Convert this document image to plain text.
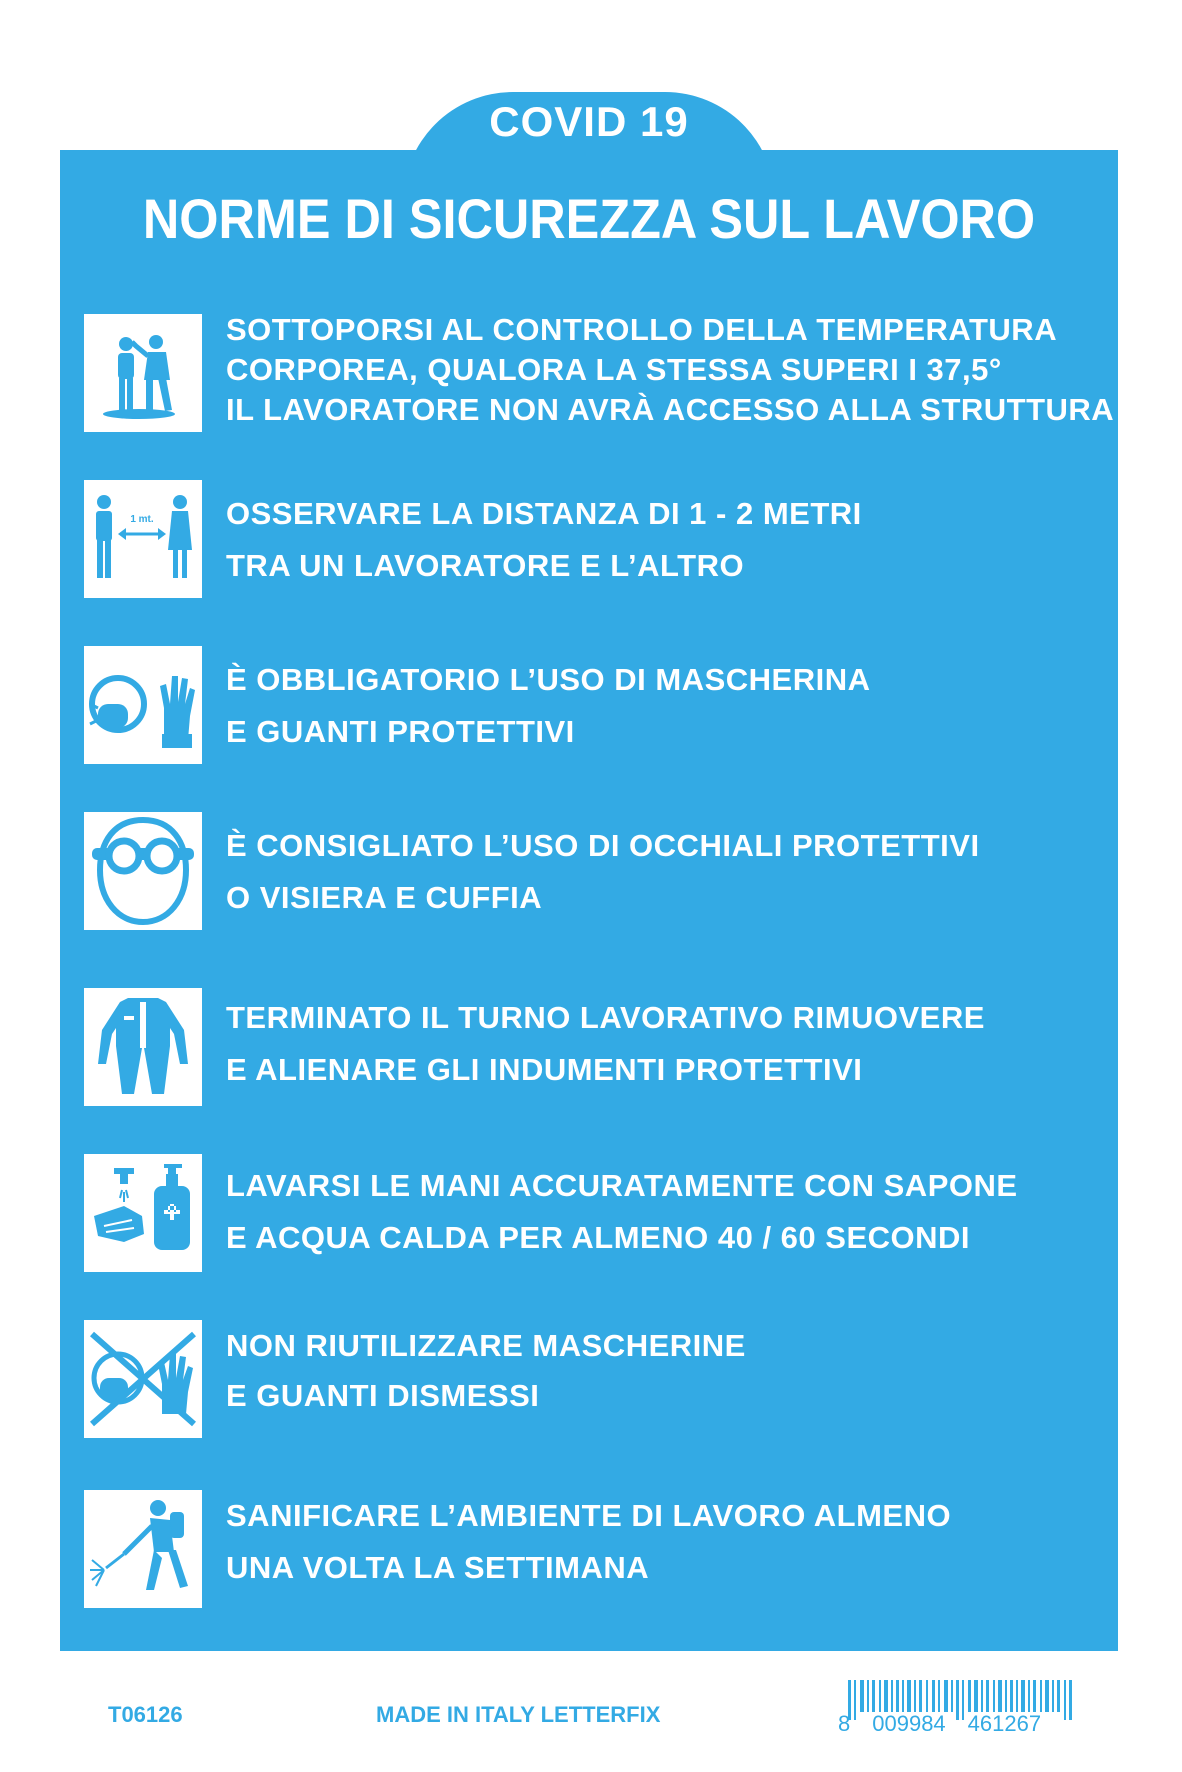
COVID 19
NORME DI SICUREZZA SUL LAVORO
SOTTOPORSI AL CONTROLLO DELLA TEMPERATURA
CORPOREA, QUALORA LA STESSA SUPERI I 37,5°
IL LAVORATORE NON AVRÀ ACCESSO ALLA STRUTTURA
1 mt. OSSERVARE LA DISTANZA DI 1 - 2 METRI
TRA UN LAVORATORE E L’ALTRO
È OBBLIGATORIO L’USO DI MASCHERINA
E GUANTI PROTETTIVI
È CONSIGLIATO L’USO DI OCCHIALI PROTETTIVI
O VISIERA E CUFFIA
TERMINATO IL TURNO LAVORATIVO RIMUOVERE
E ALIENARE GLI INDUMENTI PROTETTIVI
LAVARSI LE MANI ACCURATAMENTE CON SAPONE
E ACQUA CALDA PER ALMENO 40 / 60 SECONDI
NON RIUTILIZZARE MASCHERINE
E GUANTI DISMESSI
SANIFICARE L’AMBIENTE DI LAVORO ALMENO
UNA VOLTA LA SETTIMANA
T06126	MADE IN ITALY LETTERFIX	8 009984 461267
